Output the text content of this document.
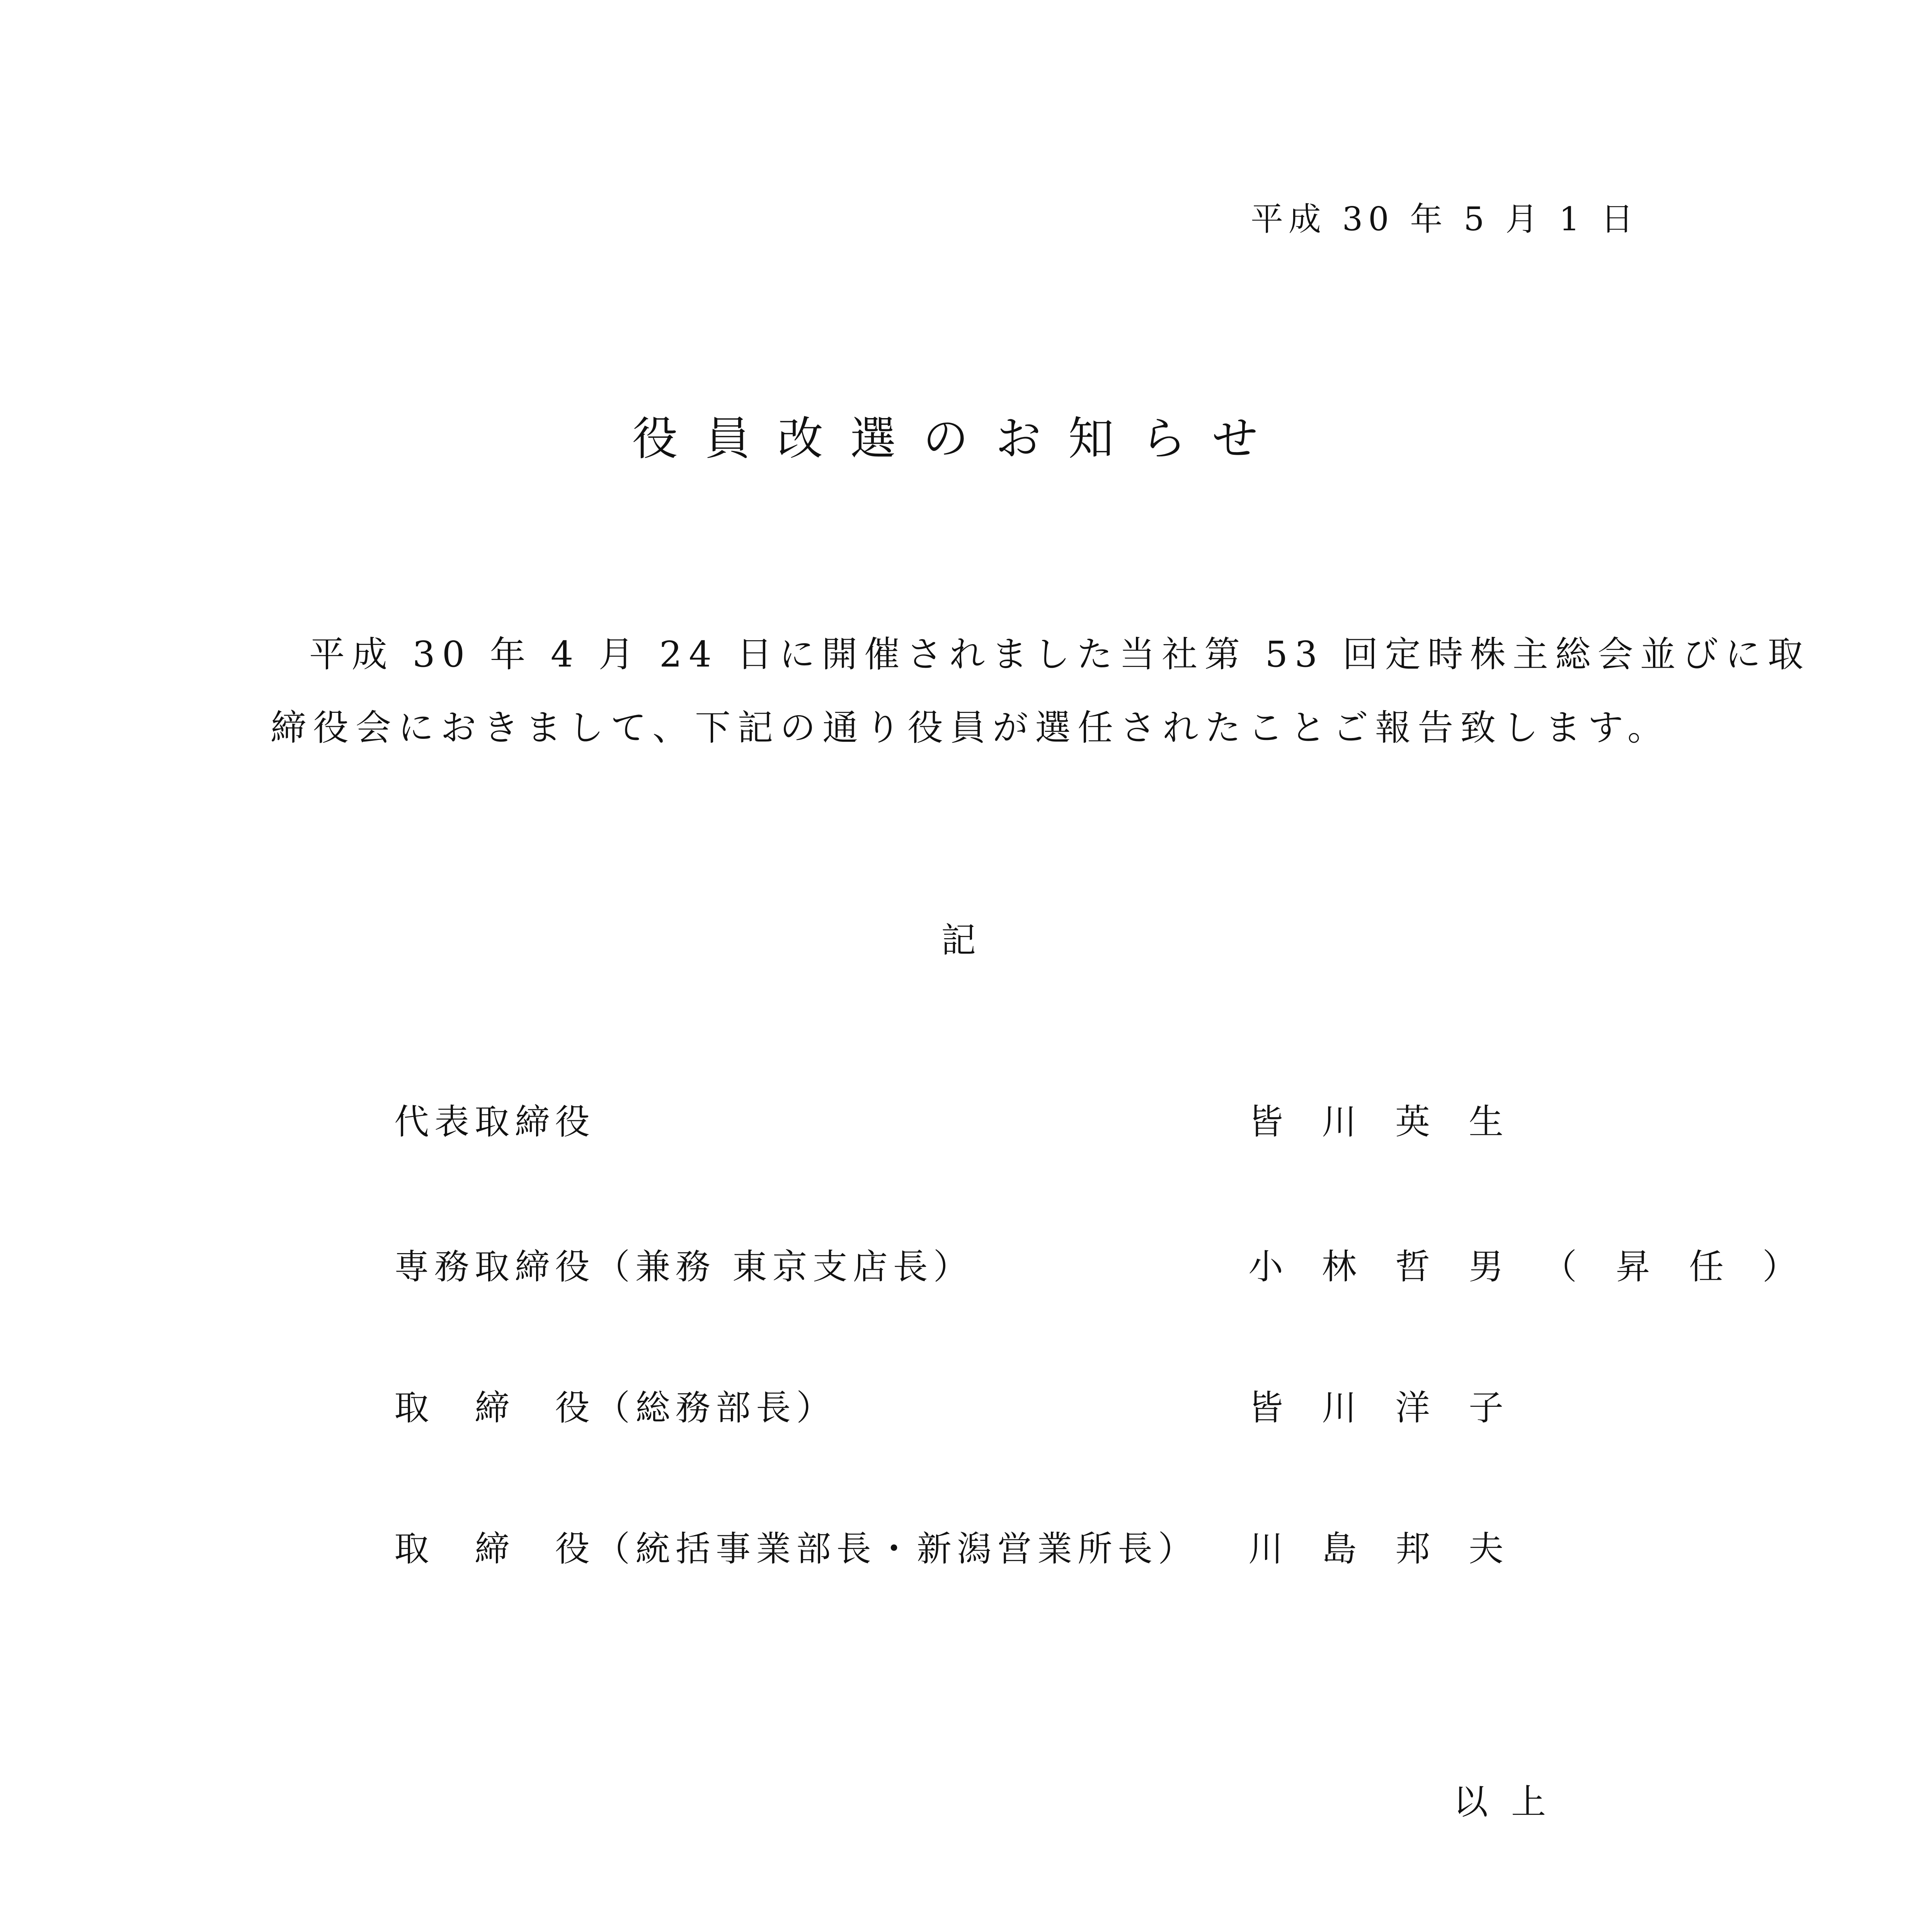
平成 30 年 5 月 1 日
役員改選のお知らせ
平成 30 年 4 月 24 日に開催されました当社第 53 回定時株主総会並びに取
締役会におきまして、下記の通り役員が選任されたことご報告致します。
記
代表取締役	皆川英生
専務取締役（兼務 東京支店長）	小林哲男（昇任）
取　締　役（総務部長）	皆川洋子
取　締　役（統括事業部長・新潟営業所長） 川島邦夫
以上
